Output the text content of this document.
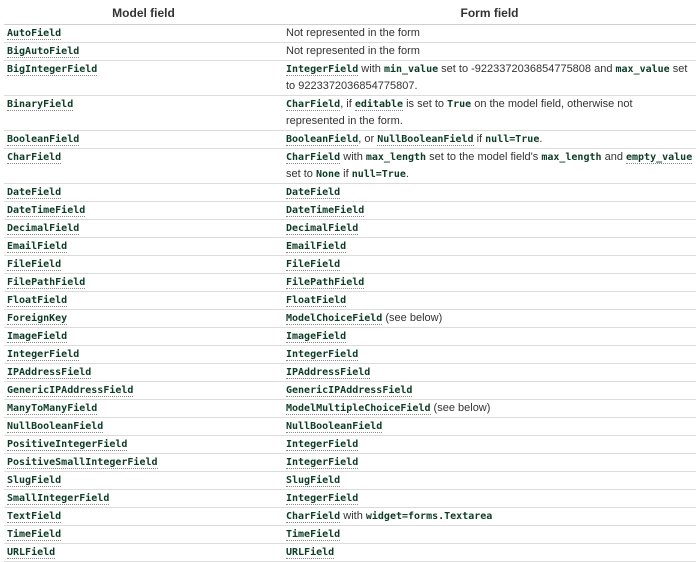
Model field	Form field
AutoField	Not represented in the form
BigAutoField	Not represented in the form
BigIntegerField	IntegerField with min_value set to -9223372036854775808 and max_value set to 9223372036854775807.
BinaryField	CharField, if editable is set to True on the model field, otherwise not represented in the form.
BooleanField	BooleanField, or NullBooleanField if null=True.
CharField	CharField with max_length set to the model field's max_length and empty_value set to None if null=True.
DateField	DateField
DateTimeField	DateTimeField
DecimalField	DecimalField
EmailField	EmailField
FileField	FileField
FilePathField	FilePathField
FloatField	FloatField
ForeignKey	ModelChoiceField (see below)
ImageField	ImageField
IntegerField	IntegerField
IPAddressField	IPAddressField
GenericIPAddressField	GenericIPAddressField
ManyToManyField	ModelMultipleChoiceField (see below)
NullBooleanField	NullBooleanField
PositiveIntegerField	IntegerField
PositiveSmallIntegerField	IntegerField
SlugField	SlugField
SmallIntegerField	IntegerField
TextField	CharField with widget=forms.Textarea
TimeField	TimeField
URLField	URLField
